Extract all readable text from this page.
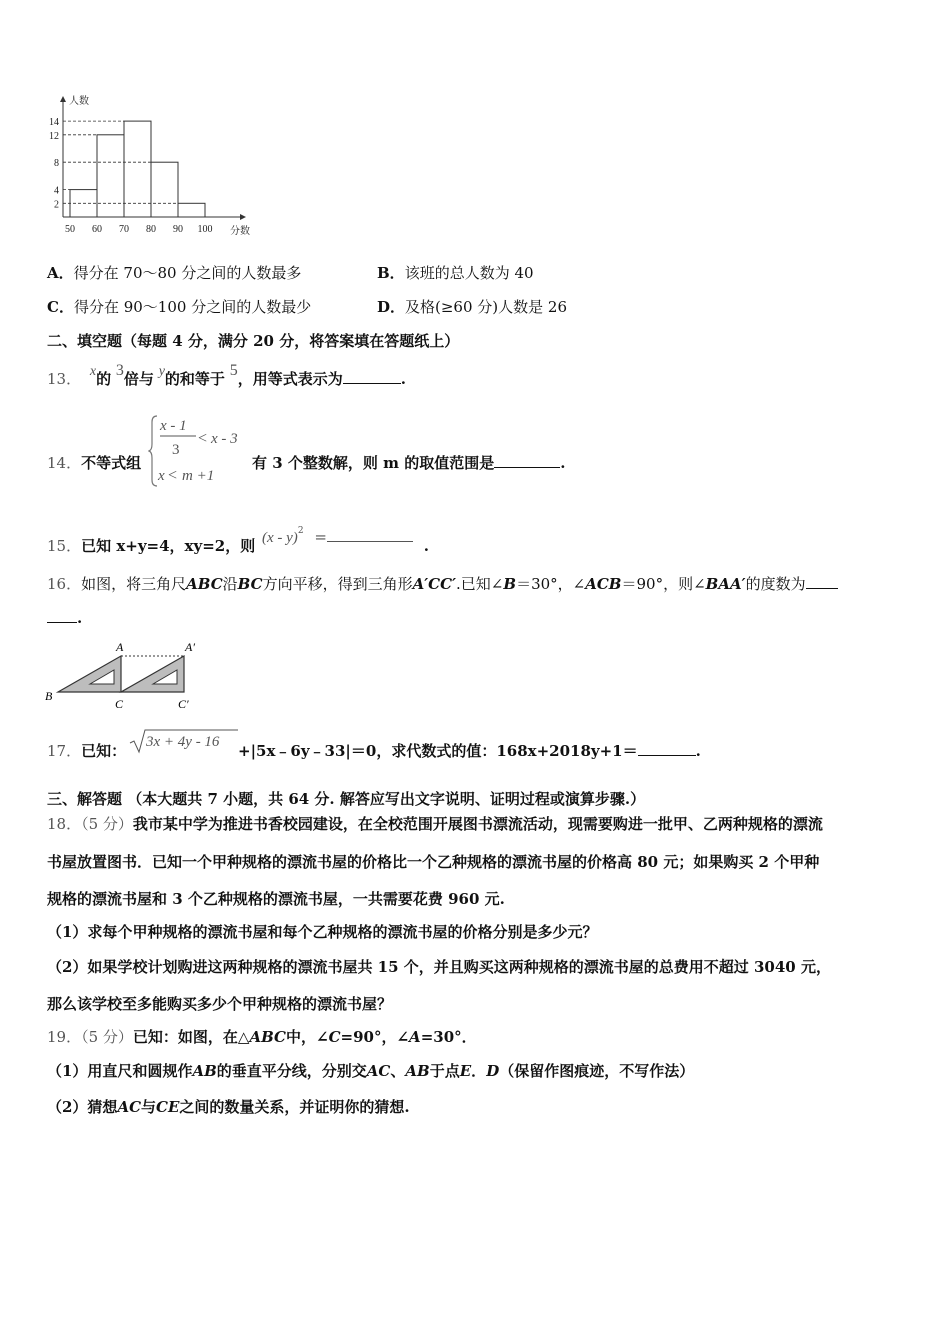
2
4
8
12
14
50 60 70 80 90 100
人数
分数
A．得分在 70～80 分之间的人数最多	B．该班的总人数为 40
C．得分在 90～100 分之间的人数最少	D．及格(≥60 分)人数是 26
二、填空题（每题 4 分，满分 20 分，将答案填在答题纸上）
13． x的 3倍与 y的和等于 5，用等式表示为	.
14．不等式组
x - 1
3
< x - 3
x < m +1
有 3 个整数解，则 m 的取值范围是	.
15．已知 x+y=4，xy=2，则 (x - y)$^2$ =	.
16．如图，将三角尺ABC沿BC方向平移，得到三角形A′CC′.已知∠B＝30°，∠ACB＝90°，则∠BAA′的度数为
.
A	A′
B
C	C′
17．已知： 3x + 4y - 16 +|5x﹣6y﹣33|＝0，求代数式的值：168x+2018y+1＝	.
三、解答题 （本大题共 7 小题，共 64 分. 解答应写出文字说明、证明过程或演算步骤.）
18．（5 分）我市某中学为推进书香校园建设，在全校范围开展图书漂流活动，现需要购进一批甲、乙两种规格的漂流
书屋放置图书．已知一个甲种规格的漂流书屋的价格比一个乙种规格的漂流书屋的价格高 80 元；如果购买 2 个甲种
规格的漂流书屋和 3 个乙种规格的漂流书屋，一共需要花费 960 元.
（1）求每个甲种规格的漂流书屋和每个乙种规格的漂流书屋的价格分别是多少元？
（2）如果学校计划购进这两种规格的漂流书屋共 15 个，并且购买这两种规格的漂流书屋的总费用不超过 3040 元，
那么该学校至多能购买多少个甲种规格的漂流书屋？
19．（5 分）已知：如图，在△ABC中，∠C=90°，∠A=30°．
（1）用直尺和圆规作AB的垂直平分线，分别交AC、AB于点E．D（保留作图痕迹，不写作法）
（2）猜想AC与CE之间的数量关系，并证明你的猜想.
